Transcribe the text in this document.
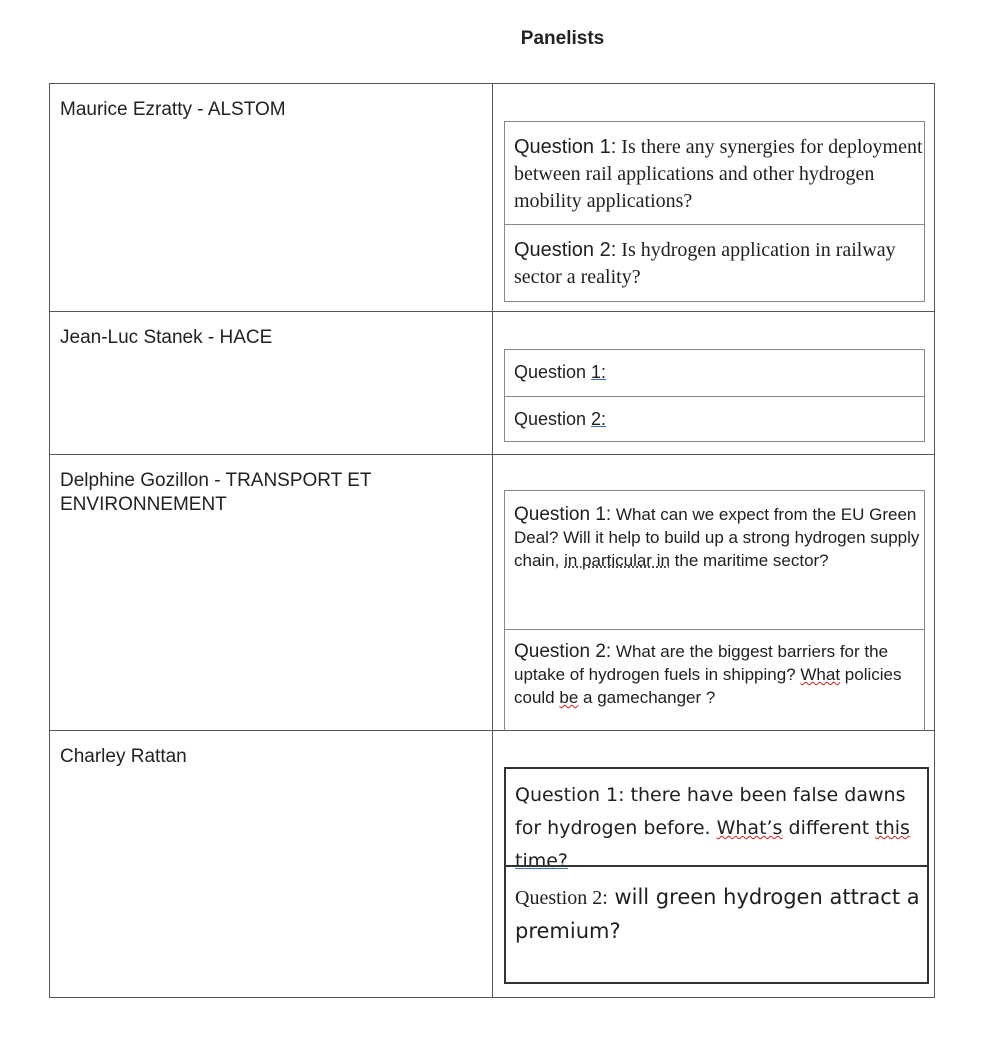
Panelists
Maurice Ezratty - ALSTOM
Question 1: Is there any synergies for deployment between rail applications and other hydrogen mobility applications?
Question 2: Is hydrogen application in railway sector a reality?
Jean-Luc Stanek - HACE
Question 1:
Question 2:
Delphine Gozillon - TRANSPORT ET ENVIRONNEMENT	Question 1: What can we expect from the EU Green Deal? Will it help to build up a strong hydrogen supply chain, in particular in the maritime sector?
Question 2: What are the biggest barriers for the uptake of hydrogen fuels in shipping? What policies could be a gamechanger ?
Charley Rattan
Question 1: there have been false dawns for hydrogen before. What’s different this time?
Question 2: will green hydrogen attract a premium?
